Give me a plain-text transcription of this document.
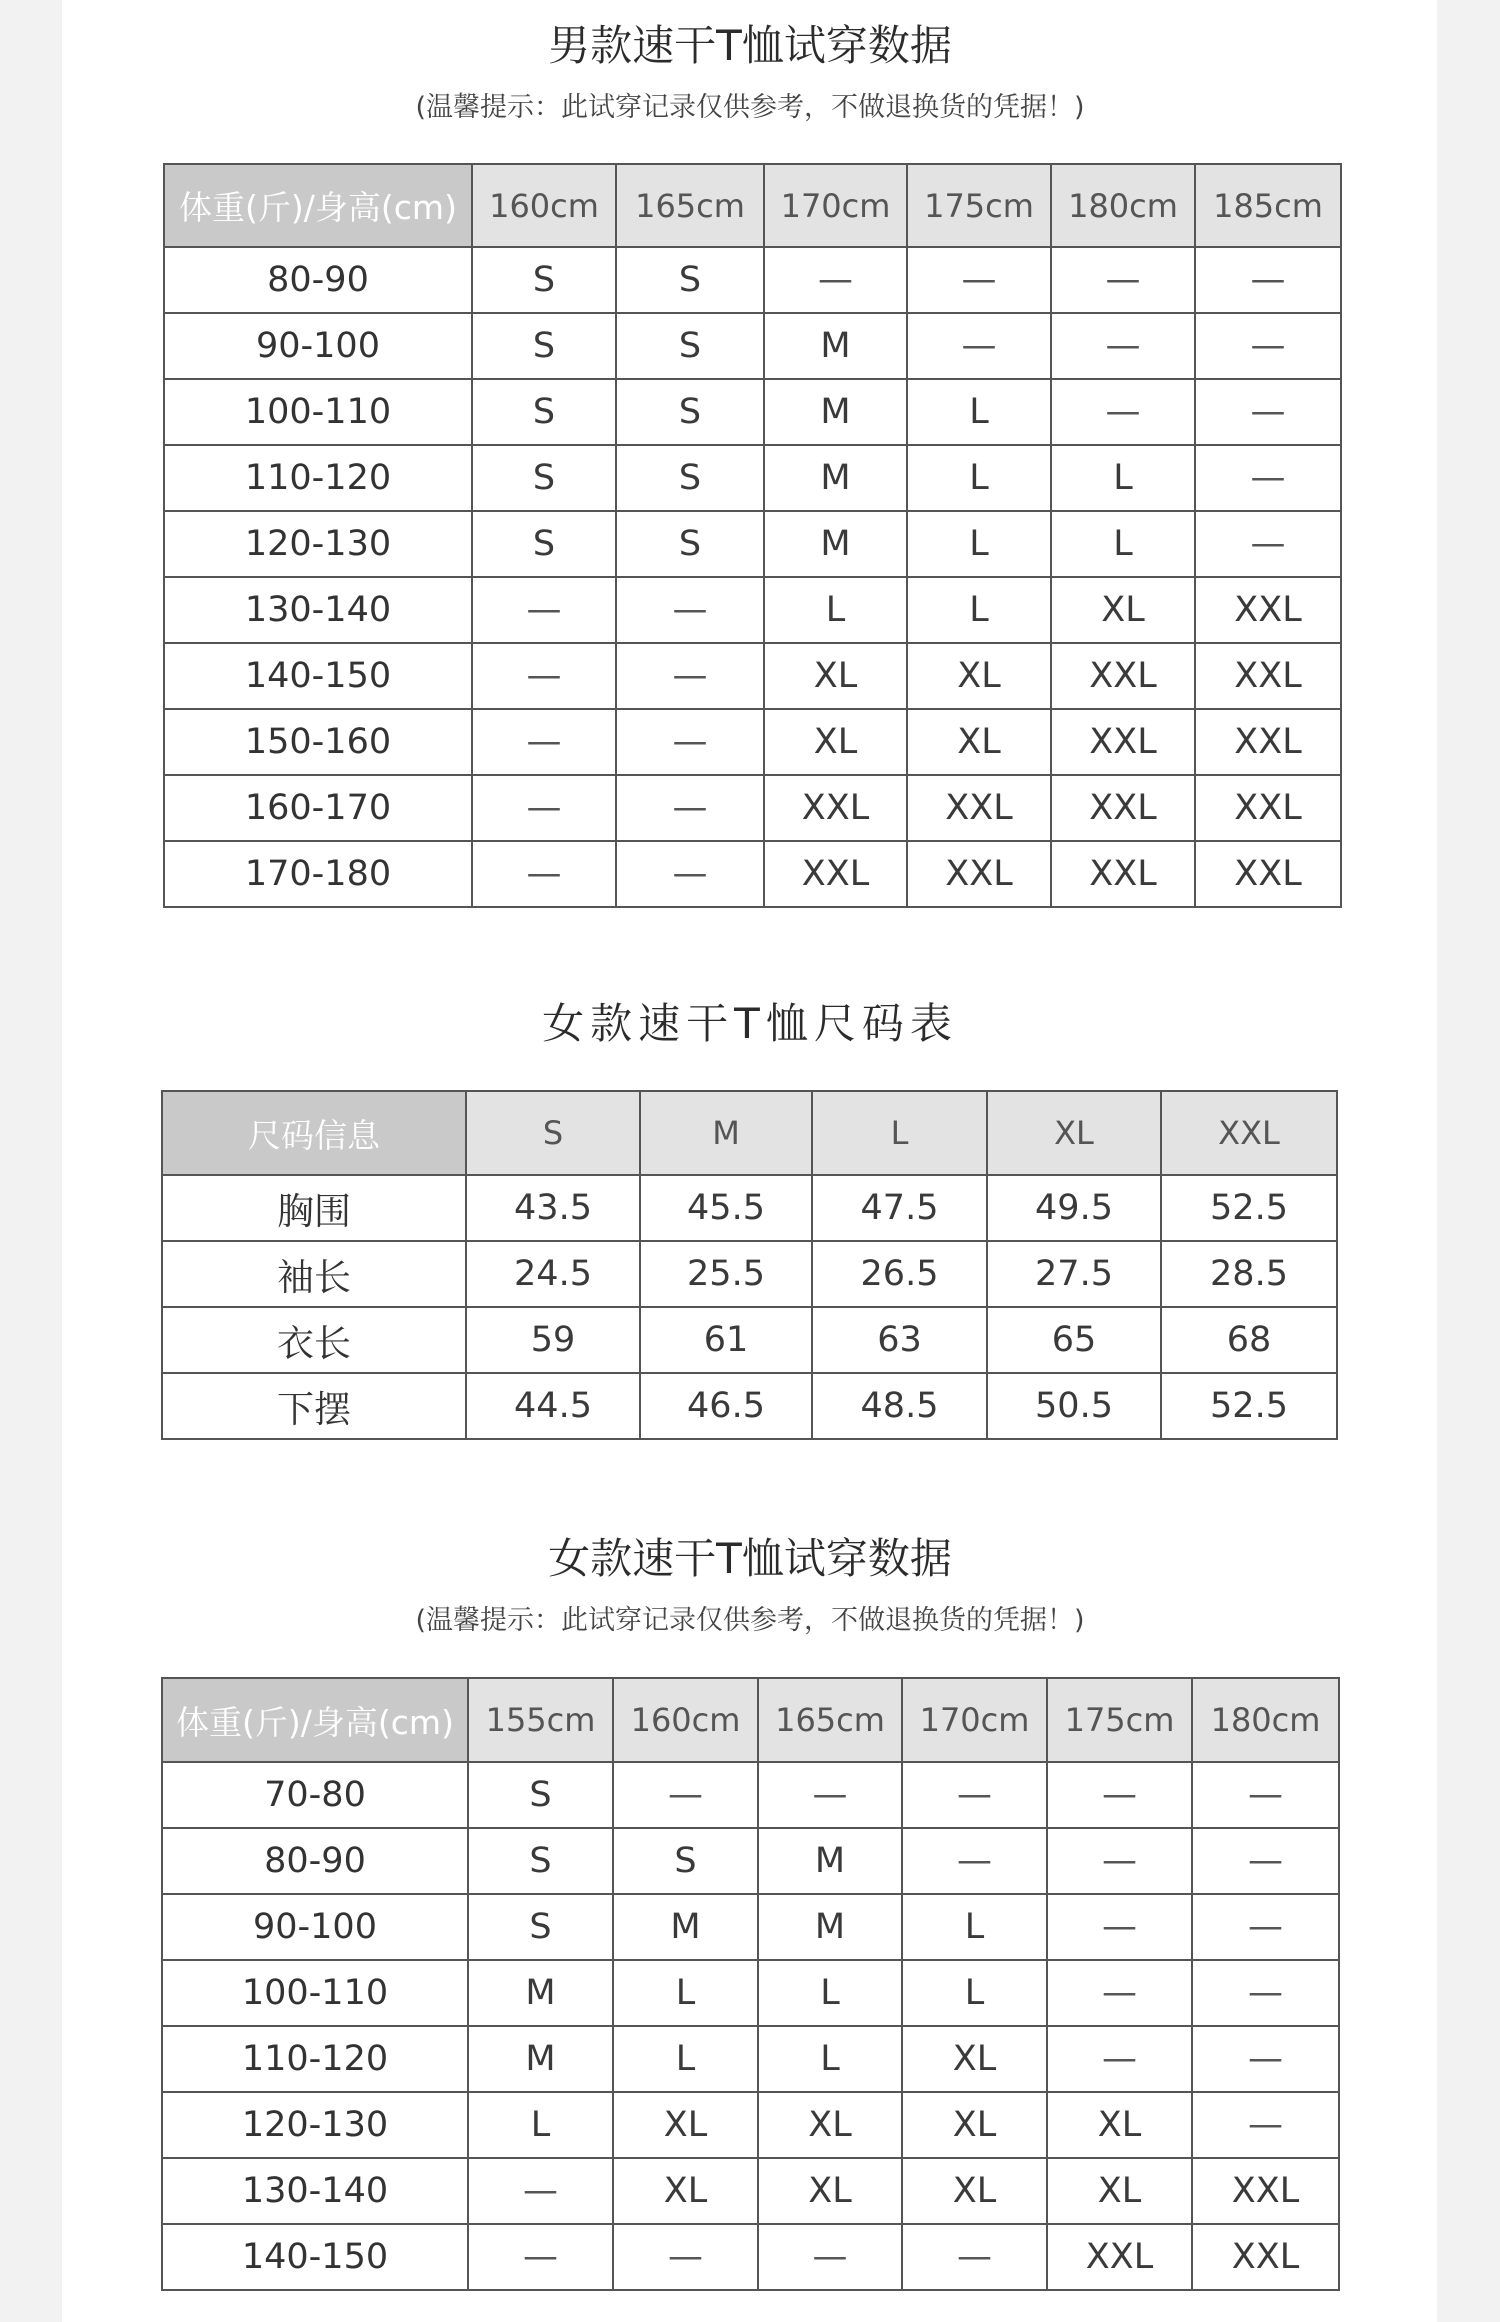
男款速干T恤试穿数据
(温馨提示：此试穿记录仅供参考，不做退换货的凭据！)
体重(斤)/身高(cm)	160cm	165cm	170cm	175cm	180cm	185cm
80-90	S	S	—	—	—	—
90-100	S	S	M	—	—	—
100-110	S	S	M	L	—	—
110-120	S	S	M	L	L	—
120-130	S	S	M	L	L	—
130-140	—	—	L	L	XL	XXL
140-150	—	—	XL	XL	XXL	XXL
150-160	—	—	XL	XL	XXL	XXL
160-170	—	—	XXL	XXL	XXL	XXL
170-180	—	—	XXL	XXL	XXL	XXL
女款速干T恤尺码表
尺码信息	S	M	L	XL	XXL
胸围	43.5	45.5	47.5	49.5	52.5
袖长	24.5	25.5	26.5	27.5	28.5
衣长	59	61	63	65	68
下摆	44.5	46.5	48.5	50.5	52.5
女款速干T恤试穿数据
(温馨提示：此试穿记录仅供参考，不做退换货的凭据！)
体重(斤)/身高(cm)	155cm	160cm	165cm	170cm	175cm	180cm
70-80	S	—	—	—	—	—
80-90	S	S	M	—	—	—
90-100	S	M	M	L	—	—
100-110	M	L	L	L	—	—
110-120	M	L	L	XL	—	—
120-130	L	XL	XL	XL	XL	—
130-140	—	XL	XL	XL	XL	XXL
140-150	—	—	—	—	XXL	XXL
